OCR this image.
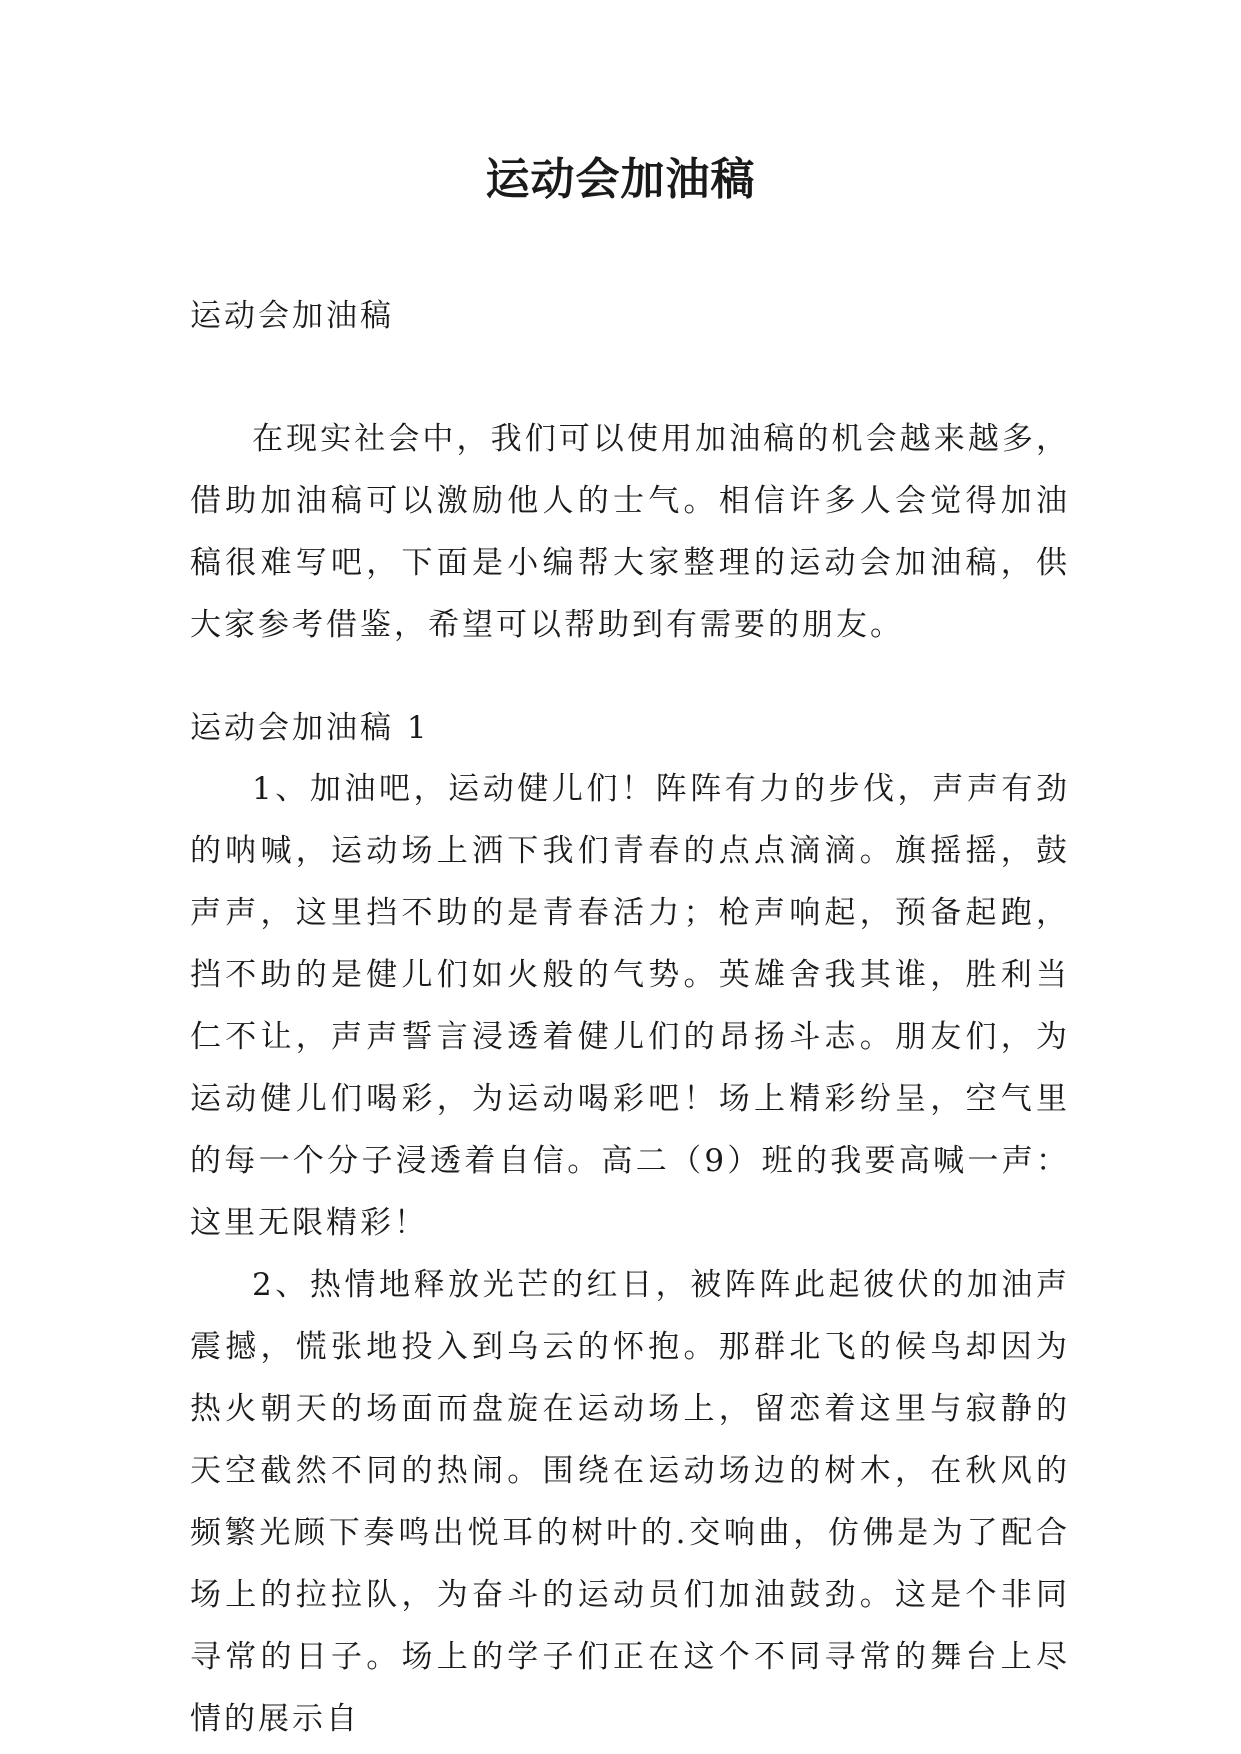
运动会加油稿

运动会加油稿

在现实社会中，我们可以使用加油稿的机会越来越多，借助加油稿可以激励他人的士气。相信许多人会觉得加油稿很难写吧，下面是小编帮大家整理的运动会加油稿，供大家参考借鉴，希望可以帮助到有需要的朋友。

运动会加油稿 1

1、加油吧，运动健儿们！阵阵有力的步伐，声声有劲的呐喊，运动场上洒下我们青春的点点滴滴。旗摇摇，鼓声声，这里挡不助的是青春活力；枪声响起，预备起跑，挡不助的是健儿们如火般的气势。英雄舍我其谁，胜利当仁不让，声声誓言浸透着健儿们的昂扬斗志。朋友们，为运动健儿们喝彩，为运动喝彩吧！场上精彩纷呈，空气里的每一个分子浸透着自信。高二（9）班的我要高喊一声：这里无限精彩！

2、热情地释放光芒的红日，被阵阵此起彼伏的加油声震撼，慌张地投入到乌云的怀抱。那群北飞的候鸟却因为热火朝天的场面而盘旋在运动场上，留恋着这里与寂静的天空截然不同的热闹。围绕在运动场边的树木，在秋风的频繁光顾下奏鸣出悦耳的树叶的.交响曲，仿佛是为了配合场上的拉拉队，为奋斗的运动员们加油鼓劲。这是个非同寻常的日子。场上的学子们正在这个不同寻常的舞台上尽情的展示自
